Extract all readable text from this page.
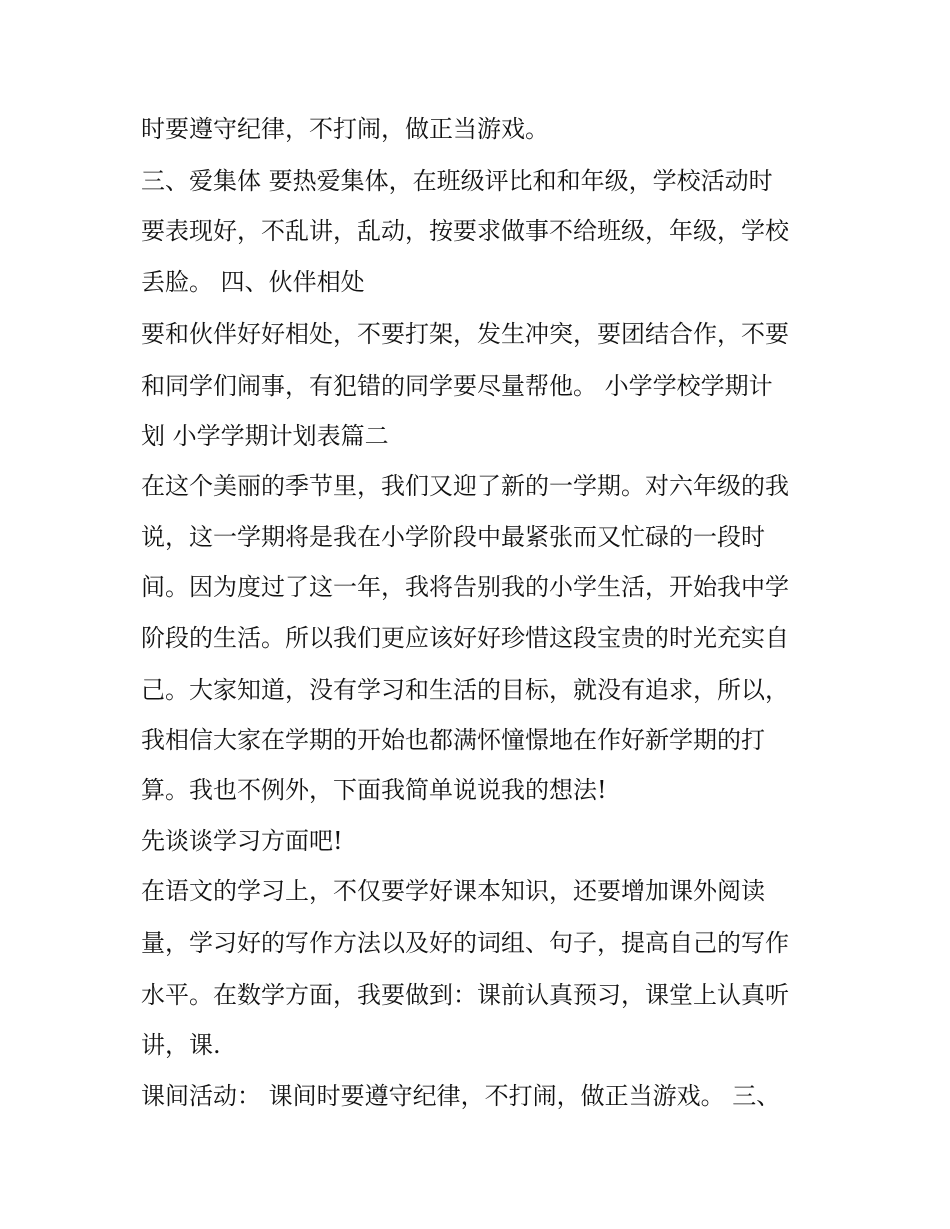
时要遵守纪律，不打闹，做正当游戏。
三、爱集体 要热爱集体，在班级评比和和年级，学校活动时
要表现好，不乱讲，乱动，按要求做事不给班级，年级，学校
丢脸。 四、伙伴相处
要和伙伴好好相处，不要打架，发生冲突，要团结合作，不要
和同学们闹事，有犯错的同学要尽量帮他。 小学学校学期计
划 小学学期计划表篇二
在这个美丽的季节里，我们又迎了新的一学期。对六年级的我
说，这一学期将是我在小学阶段中最紧张而又忙碌的一段时
间。因为度过了这一年，我将告别我的小学生活，开始我中学
阶段的生活。所以我们更应该好好珍惜这段宝贵的时光充实自
己。大家知道，没有学习和生活的目标，就没有追求，所以，
我相信大家在学期的开始也都满怀憧憬地在作好新学期的打
算。我也不例外，下面我简单说说我的想法!
先谈谈学习方面吧!
在语文的学习上，不仅要学好课本知识，还要增加课外阅读
量，学习好的写作方法以及好的词组、句子，提高自己的写作
水平。在数学方面，我要做到：课前认真预习，课堂上认真听
讲，课.
课间活动： 课间时要遵守纪律，不打闹，做正当游戏。 三、
